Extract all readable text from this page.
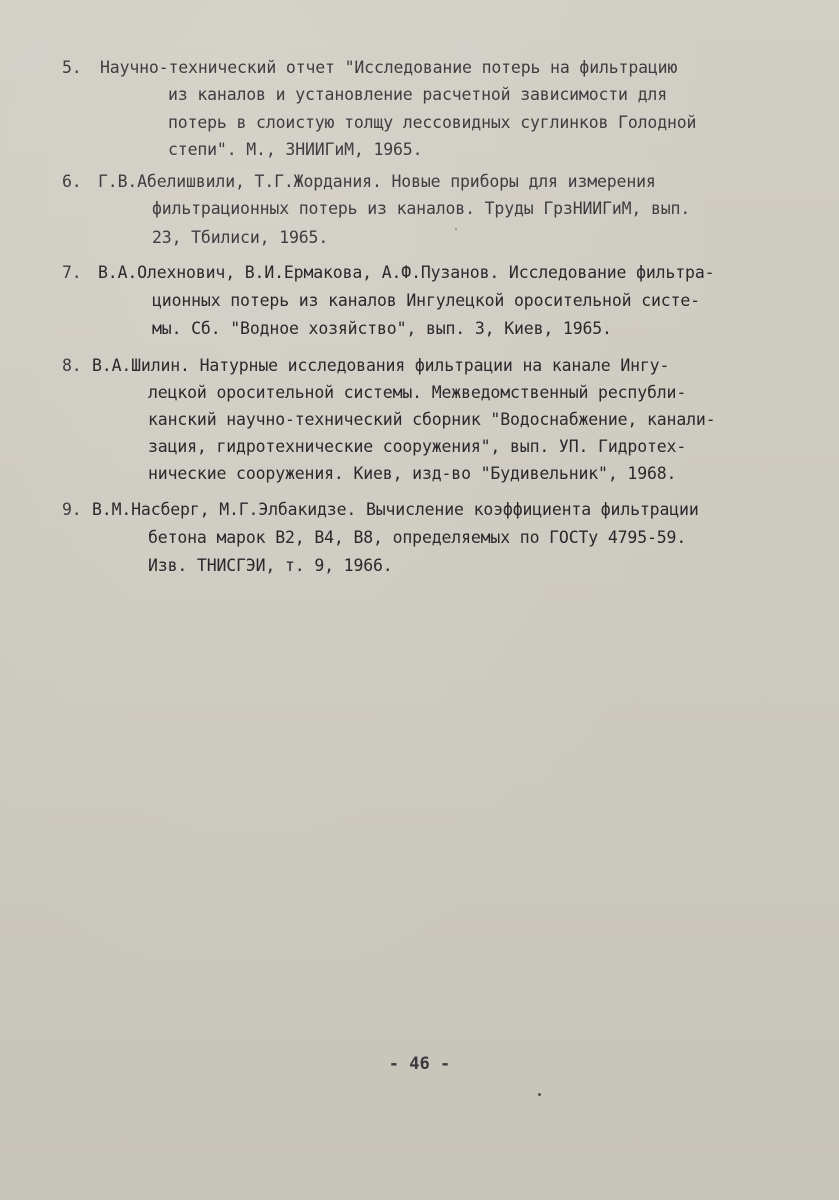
5. Научно-технический отчет "Исследование потерь на фильтрацию
из каналов и установление расчетной зависимости для
потерь в слоистую толщу лессовидных суглинков Голодной
степи". М., ЗНИИГиМ, 1965.
6. Г.В.Абелишвили, Т.Г.Жордания. Новые приборы для измерения
фильтрационных потерь из каналов. Труды ГрзНИИГиМ, вып.
23, Тбилиси, 1965.
7. В.А.Олехнович, В.И.Ермакова, А.Ф.Пузанов. Исследование фильтра-
ционных потерь из каналов Ингулецкой оросительной систе-
мы. Сб. "Водное хозяйство", вып. 3, Киев, 1965.
8. В.А.Шилин. Натурные исследования фильтрации на канале Ингу-
лецкой оросительной системы. Межведомственный республи-
канский научно-технический сборник "Водоснабжение, канали-
зация, гидротехнические сооружения", вып. УП. Гидротех-
нические сооружения. Киев, изд-во "Будивельник", 1968.
9. В.М.Насберг, М.Г.Элбакидзе. Вычисление коэффициента фильтрации
бетона марок В2, В4, В8, определяемых по ГОСТу 4795-59.
Изв. ТНИСГЭИ, т. 9, 1966.
- 46 -
